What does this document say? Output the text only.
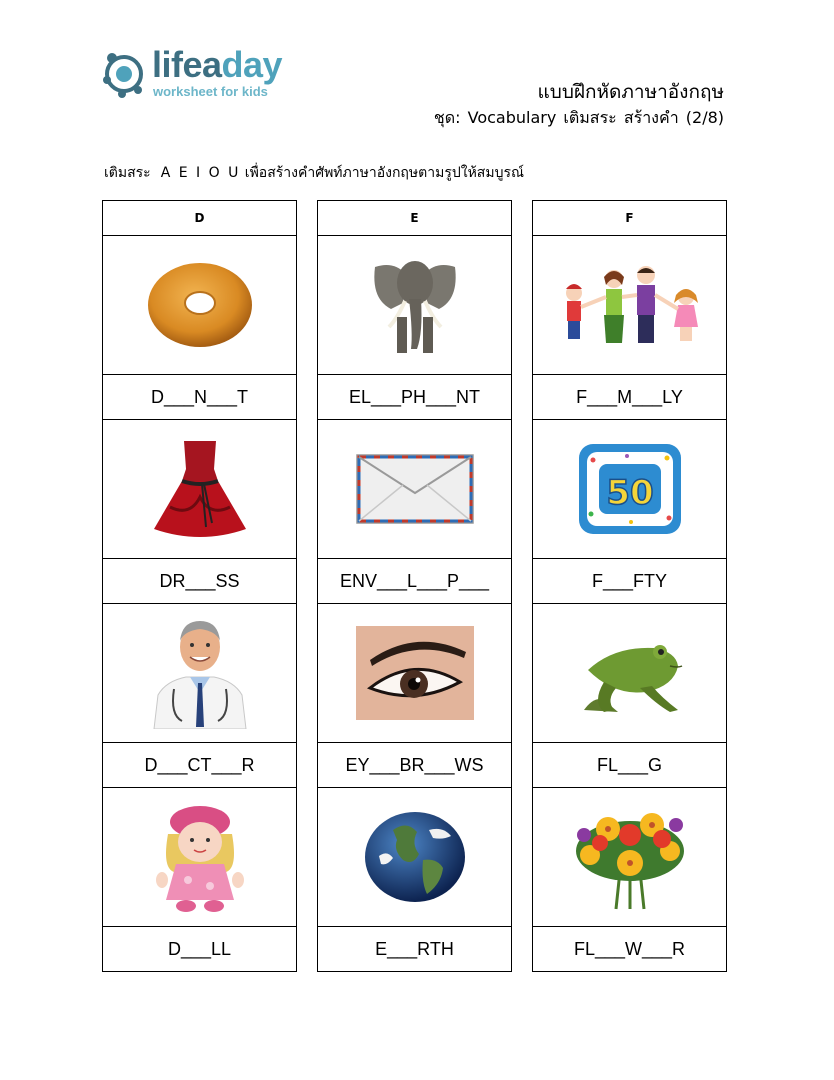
lifeaday
worksheet for kids	แบบฝึกหัดภาษาอังกฤษ
ชุด: Vocabulary เติมสระ สร้างคำ (2/8)
เติมสระ A E I O U เพื่อสร้างคำศัพท์ภาษาอังกฤษตามรูปให้สมบูรณ์
D
D___N___T
DR___SS
D___CT___R
D___LL
E
EL___PH___NT
ENV___L___P___
EY___BR___WS
E___RTH
F
F___M___LY
50
F___FTY
FL___G
FL___W___R
